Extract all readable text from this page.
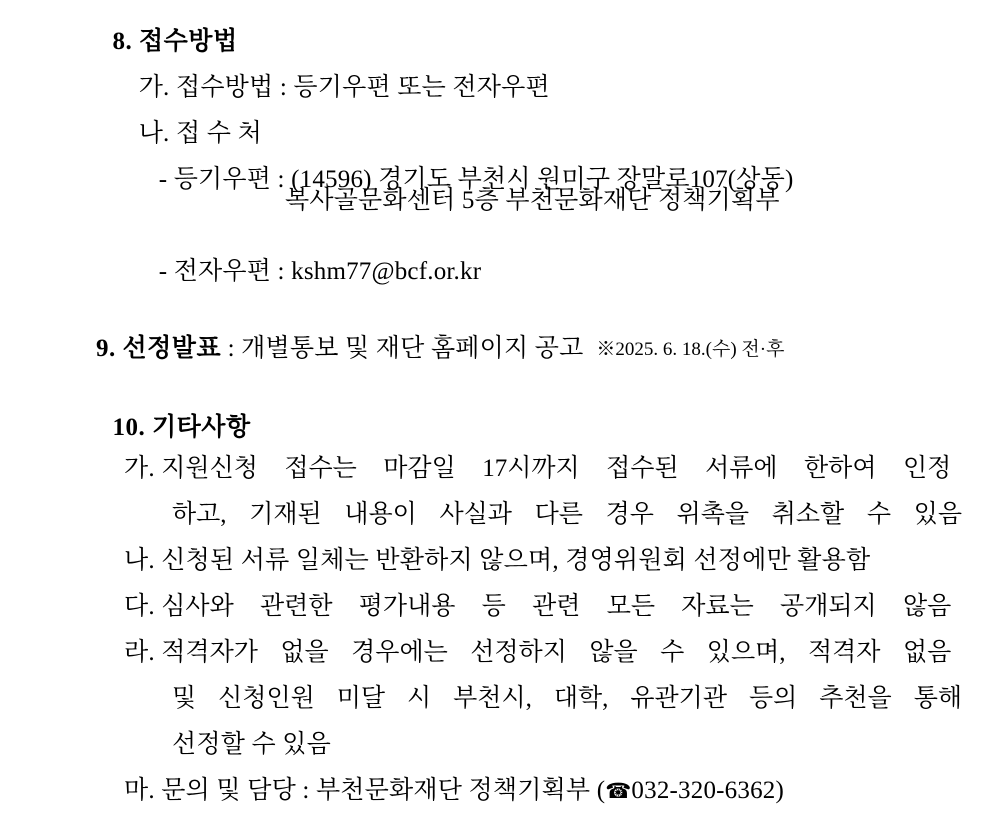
8. 접수방법

가. 접수방법 : 등기우편 또는 전자우편

나. 접 수 처

- 등기우편 : (14596) 경기도 부천시 원미구 장말로107(상동)

복사골문화센터 5층 부천문화재단 정책기획부

- 전자우편 : kshm77@bcf.or.kr

9. 선정발표 : 개별통보 및 재단 홈페이지 공고 ※2025. 6. 18.(수) 전·후

10. 기타사항

가. 지원신청 접수는 마감일 17시까지 접수된 서류에 한하여 인정

하고, 기재된 내용이 사실과 다른 경우 위촉을 취소할 수 있음

나. 신청된 서류 일체는 반환하지 않으며, 경영위원회 선정에만 활용함

다. 심사와 관련한 평가내용 등 관련 모든 자료는 공개되지 않음

라. 적격자가 없을 경우에는 선정하지 않을 수 있으며, 적격자 없음

및 신청인원 미달 시 부천시, 대학, 유관기관 등의 추천을 통해

선정할 수 있음

마. 문의 및 담당 : 부천문화재단 정책기획부 (☎032-320-6362)
